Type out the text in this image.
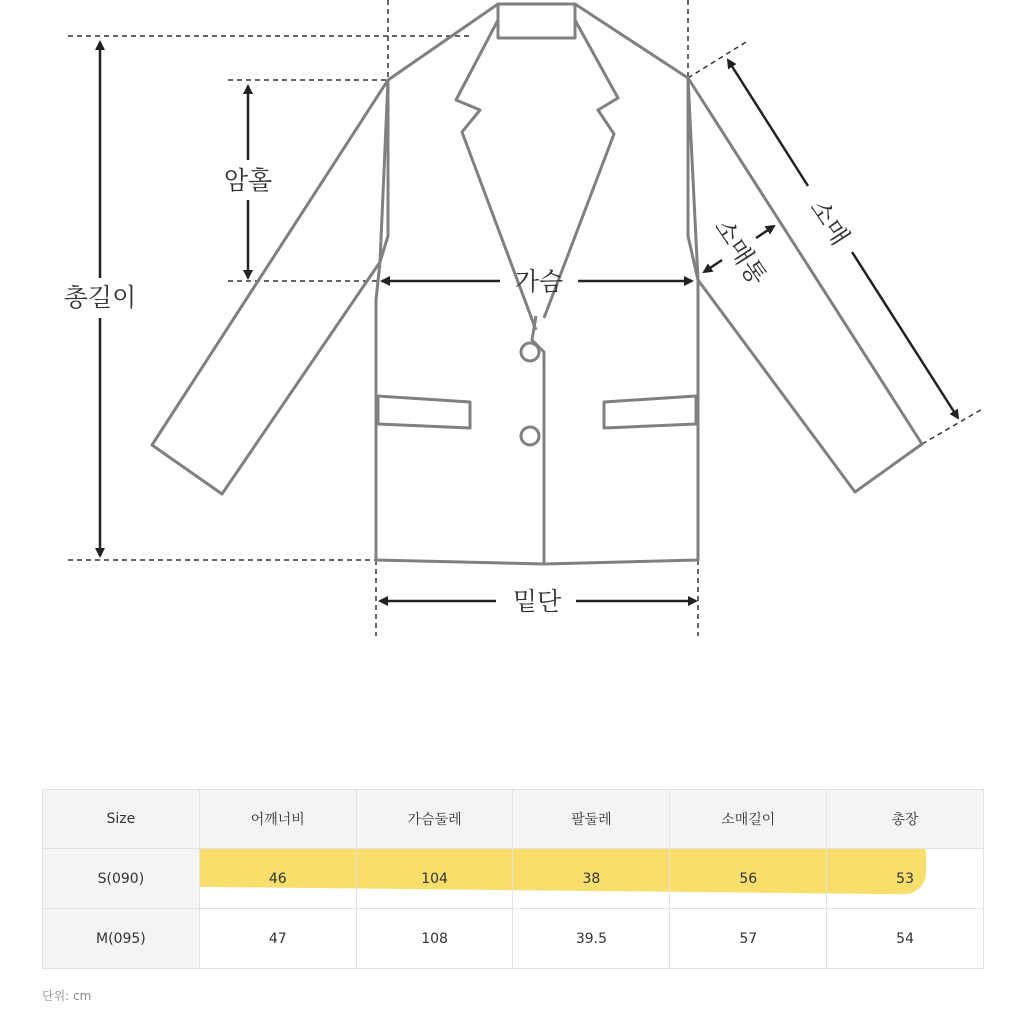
총길이
암홀
가슴
밑단
소매
소매통
Size	어깨너비	가슴둘레	팔둘레	소매길이	총장
S(090)	46	104	38	56	53
M(095)	47	108	39.5	57	54
단위: cm
